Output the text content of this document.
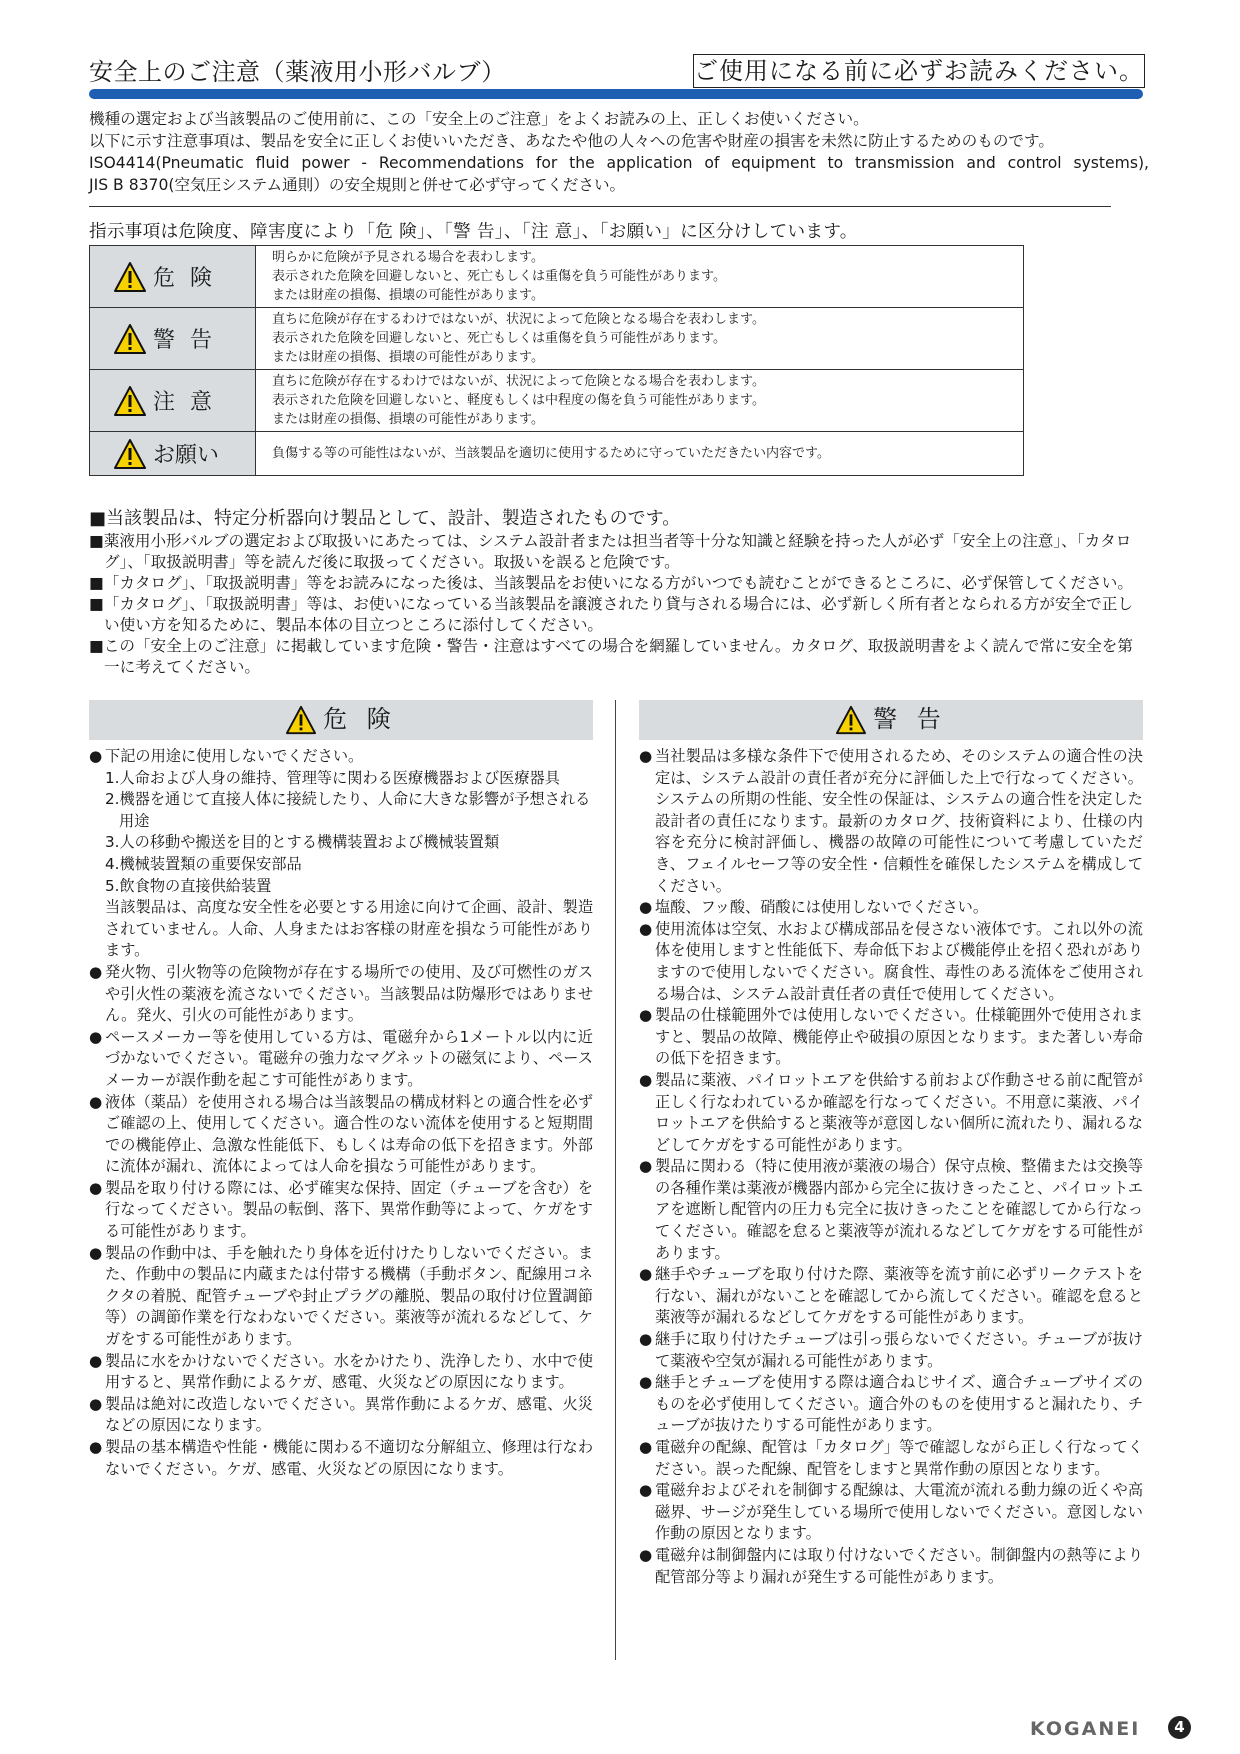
安全上のご注意（薬液用小形バルブ）	ご使用になる前に必ずお読みください。

機種の選定および当該製品のご使用前に、この「安全上のご注意」をよくお読みの上、正しくお使いください。

以下に示す注意事項は、製品を安全に正しくお使いいただき、あなたや他の人々への危害や財産の損害を未然に防止するためのものです。

ISO4414(Pneumatic fluid power - Recommendations for the application of equipment to transmission and control systems),

JIS B 8370(空気圧システム通則）の安全規則と併せて必ず守ってください。

指示事項は危険度、障害度により「危 険」、「警 告」、「注 意」、「お願い」に区分けしています。
危 険	明らかに危険が予見される場合を表わします。
表示された危険を回避しないと、死亡もしくは重傷を負う可能性があります。
または財産の損傷、損壊の可能性があります。

警 告	直ちに危険が存在するわけではないが、状況によって危険となる場合を表わします。
表示された危険を回避しないと、死亡もしくは重傷を負う可能性があります。
または財産の損傷、損壊の可能性があります。

注 意	直ちに危険が存在するわけではないが、状況によって危険となる場合を表わします。
表示された危険を回避しないと、軽度もしくは中程度の傷を負う可能性があります。
または財産の損傷、損壊の可能性があります。

お願い	負傷する等の可能性はないが、当該製品を適切に使用するために守っていただきたい内容です。
■当該製品は、特定分析器向け製品として、設計、製造されたものです。

■薬液用小形バルブの選定および取扱いにあたっては、システム設計者または担当者等十分な知識と経験を持った人が必ず「安全上の注意」、「カタログ」、「取扱説明書」等を読んだ後に取扱ってください。取扱いを誤ると危険です。

■「カタログ」、「取扱説明書」等をお読みになった後は、当該製品をお使いになる方がいつでも読むことができるところに、必ず保管してください。

■「カタログ」、「取扱説明書」等は、お使いになっている当該製品を譲渡されたり貸与される場合には、必ず新しく所有者となられる方が安全で正しい使い方を知るために、製品本体の目立つところに添付してください。

■この「安全上のご注意」に掲載しています危険・警告・注意はすべての場合を網羅していません。カタログ、取扱説明書をよく読んで常に安全を第一に考えてください。

危 険
● 下記の用途に使用しないでください。
1.人命および人身の維持、管理等に関わる医療機器および医療器具
2.機器を通じて直接人体に接続したり、人命に大きな影響が予想される用途
3.人の移動や搬送を目的とする機構装置および機械装置類
4.機械装置類の重要保安部品
5.飲食物の直接供給装置
当該製品は、高度な安全性を必要とする用途に向けて企画、設計、製造されていません。人命、人身またはお客様の財産を損なう可能性があります。
● 発火物、引火物等の危険物が存在する場所での使用、及び可燃性のガスや引火性の薬液を流さないでください。当該製品は防爆形ではありません。発火、引火の可能性があります。
● ペースメーカー等を使用している方は、電磁弁から1メートル以内に近づかないでください。電磁弁の強力なマグネットの磁気により、ペースメーカーが誤作動を起こす可能性があります。
● 液体（薬品）を使用される場合は当該製品の構成材料との適合性を必ずご確認の上、使用してください。適合性のない流体を使用すると短期間での機能停止、急激な性能低下、もしくは寿命の低下を招きます。外部に流体が漏れ、流体によっては人命を損なう可能性があります。
● 製品を取り付ける際には、必ず確実な保持、固定（チューブを含む）を行なってください。製品の転倒、落下、異常作動等によって、ケガをする可能性があります。
● 製品の作動中は、手を触れたり身体を近付けたりしないでください。また、作動中の製品に内蔵または付帯する機構（手動ボタン、配線用コネクタの着脱、配管チューブや封止プラグの離脱、製品の取付け位置調節等）の調節作業を行なわないでください。薬液等が流れるなどして、ケガをする可能性があります。
● 製品に水をかけないでください。水をかけたり、洗浄したり、水中で使用すると、異常作動によるケガ、感電、火災などの原因になります。
● 製品は絶対に改造しないでください。異常作動によるケガ、感電、火災などの原因になります。
● 製品の基本構造や性能・機能に関わる不適切な分解組立、修理は行なわないでください。ケガ、感電、火災などの原因になります。
警 告
● 当社製品は多様な条件下で使用されるため、そのシステムの適合性の決定は、システム設計の責任者が充分に評価した上で行なってください。システムの所期の性能、安全性の保証は、システムの適合性を決定した設計者の責任になります。最新のカタログ、技術資料により、仕様の内容を充分に検討評価し、機器の故障の可能性について考慮していただき、フェイルセーフ等の安全性・信頼性を確保したシステムを構成してください。
● 塩酸、フッ酸、硝酸には使用しないでください。
● 使用流体は空気、水および構成部品を侵さない液体です。これ以外の流体を使用しますと性能低下、寿命低下および機能停止を招く恐れがありますので使用しないでください。腐食性、毒性のある流体をご使用される場合は、システム設計責任者の責任で使用してください。
● 製品の仕様範囲外では使用しないでください。仕様範囲外で使用されますと、製品の故障、機能停止や破損の原因となります。また著しい寿命の低下を招きます。
● 製品に薬液、パイロットエアを供給する前および作動させる前に配管が正しく行なわれているか確認を行なってください。不用意に薬液、パイロットエアを供給すると薬液等が意図しない個所に流れたり、漏れるなどしてケガをする可能性があります。
● 製品に関わる（特に使用液が薬液の場合）保守点検、整備または交換等の各種作業は薬液が機器内部から完全に抜けきったこと、パイロットエアを遮断し配管内の圧力も完全に抜けきったことを確認してから行なってください。確認を怠ると薬液等が流れるなどしてケガをする可能性があります。
● 継手やチューブを取り付けた際、薬液等を流す前に必ずリークテストを行ない、漏れがないことを確認してから流してください。確認を怠ると薬液等が漏れるなどしてケガをする可能性があります。
● 継手に取り付けたチューブは引っ張らないでください。チューブが抜けて薬液や空気が漏れる可能性があります。
● 継手とチューブを使用する際は適合ねじサイズ、適合チューブサイズのものを必ず使用してください。適合外のものを使用すると漏れたり、チューブが抜けたりする可能性があります。
● 電磁弁の配線、配管は「カタログ」等で確認しながら正しく行なってください。誤った配線、配管をしますと異常作動の原因となります。
● 電磁弁およびそれを制御する配線は、大電流が流れる動力線の近くや高磁界、サージが発生している場所で使用しないでください。意図しない作動の原因となります。
● 電磁弁は制御盤内には取り付けないでください。制御盤内の熱等により配管部分等より漏れが発生する可能性があります。
KOGANEI	4
